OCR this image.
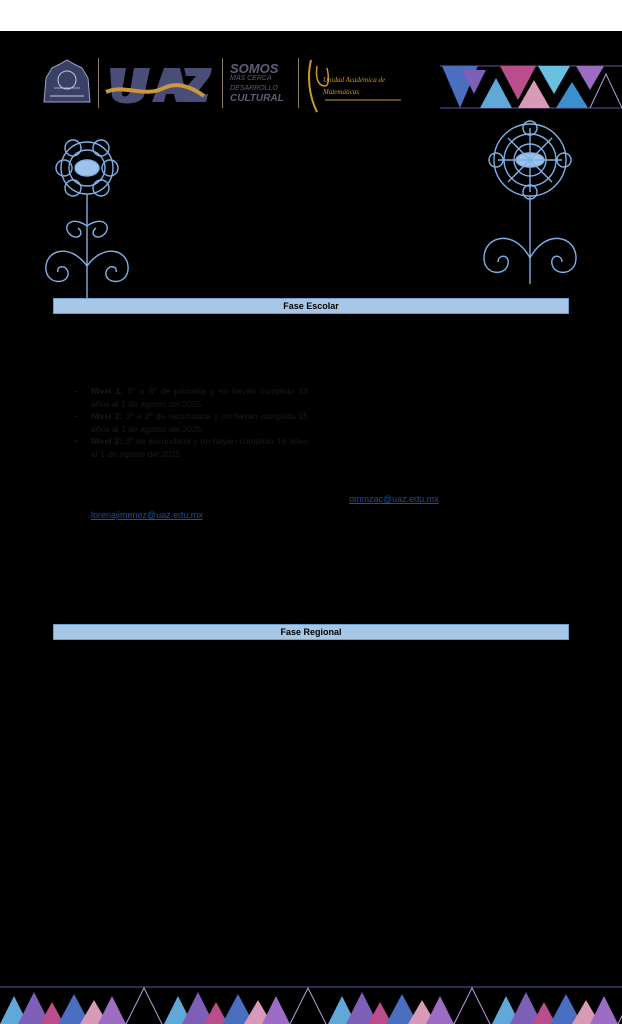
SOMOS
MÁS CERCA
DESARROLLO
CULTURAL
Unidad Académica de
Matemáticas
Fase Escolar
• Nivel 1: 5º o 6º de primaria y no hayan cumplido 13 años al 1 de agosto del 2025.
• Nivel 2: 1º o 2º de secundaria y no hayan cumplido 15 años al 1 de agosto del 2025.
• Nivel 3: 3º de secundaria y no hayan cumplido 16 años al 1 de agosto del 2025.
ommzac@uaz.edu.mx
lorenajimenez@uaz.edu.mx
Fase Regional
